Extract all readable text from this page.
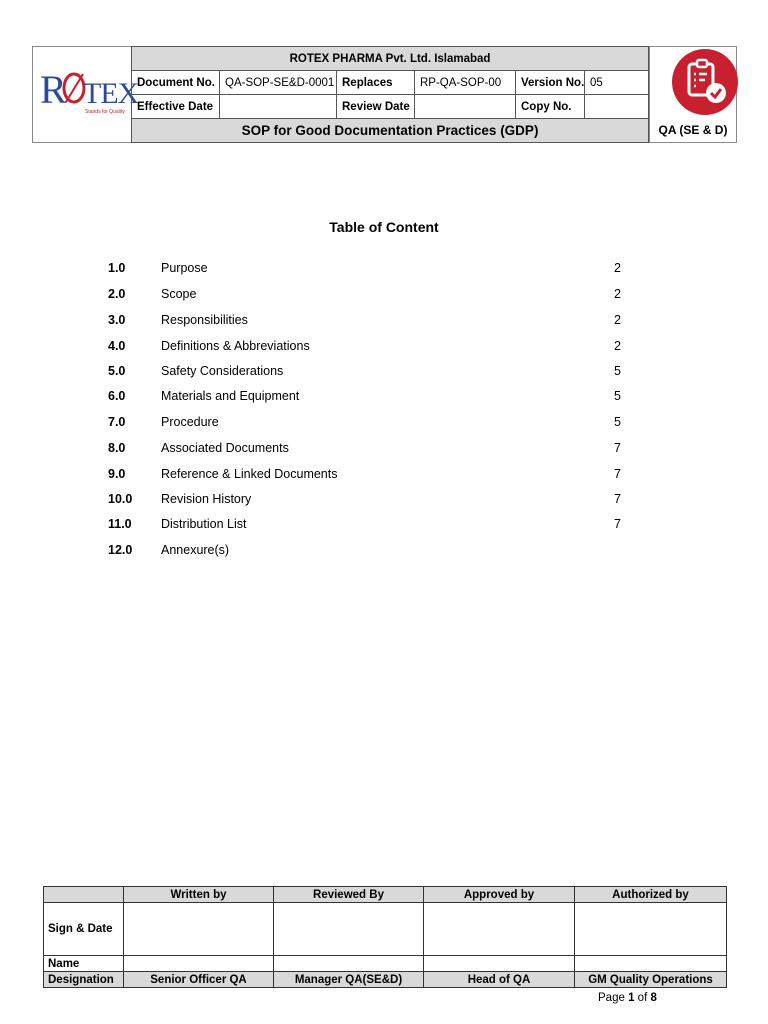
R TEX
Stands for Quality
ROTEX PHARMA Pvt. Ltd. Islamabad					
Document No.	QA-SOP-SE&D-0001	Replaces	RP-QA-SOP-00	Version No.	05
Effective Date		Review Date		Copy No.	
SOP for Good Documentation Practices (GDP)						QA (SE & D)
Table of Content
1.0	Purpose	2
2.0	Scope	2
3.0	Responsibilities	2
4.0	Definitions & Abbreviations	2
5.0	Safety Considerations	5
6.0	Materials and Equipment	5
7.0	Procedure	5
8.0	Associated Documents	7
9.0	Reference & Linked Documents	7
10.0 Revision History	7
11.0 Distribution List	7
12.0 Annexure(s)
	Written by	Reviewed By	Approved by	Authorized by
Sign & Date				
Name				
Designation	Senior Officer QA	Manager QA(SE&D)	Head of QA	GM Quality Operations
Page 1 of 8
